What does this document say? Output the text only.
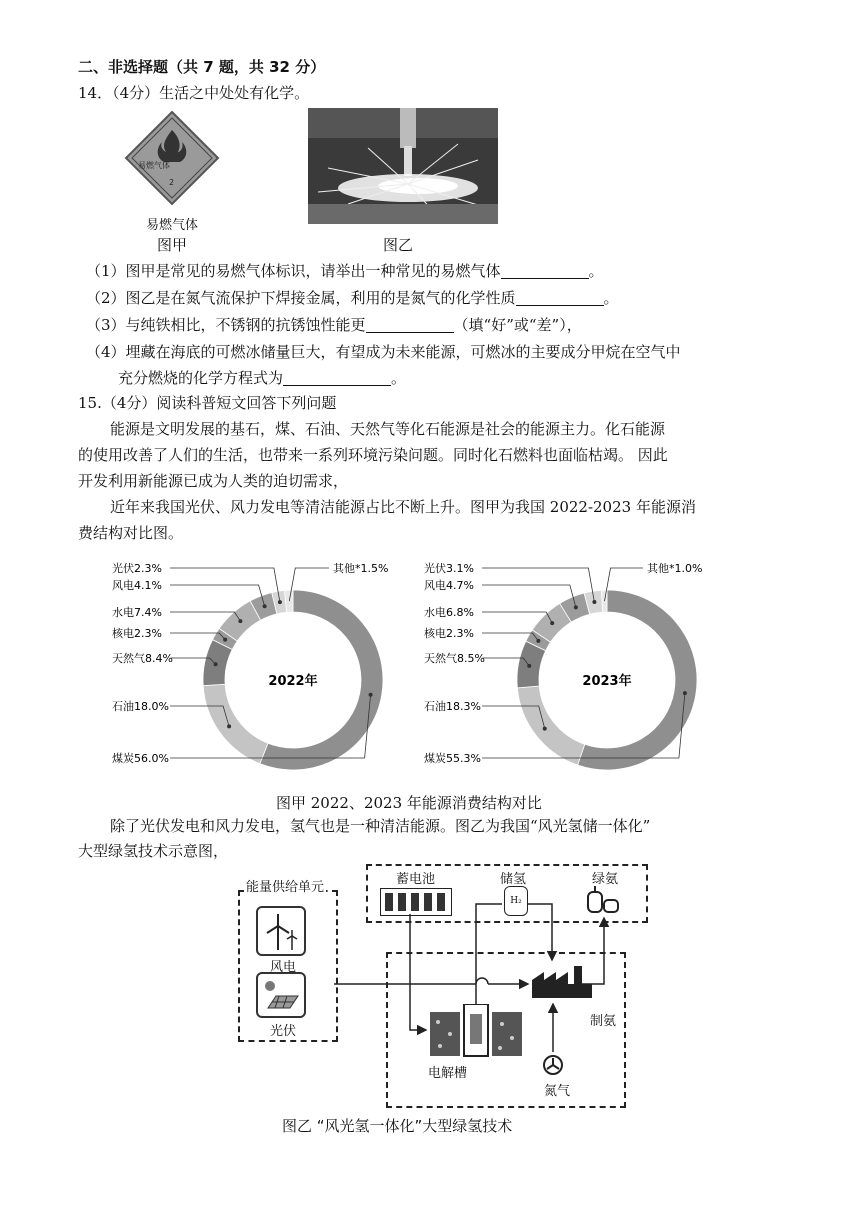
二、非选择题（共 7 题，共 32 分）
14．（4分）生活之中处处有化学。
易燃气体
2
易燃气体
图甲	图乙
（1）图甲是常见的易燃气体标识，请举出一种常见的易燃气体	。
（2）图乙是在氮气流保护下焊接金属，利用的是氮气的化学性质	。
（3）与纯铁相比，不锈钢的抗锈蚀性能更	（填“好”或“差”），
（4）埋藏在海底的可燃冰储量巨大，有望成为未来能源，可燃冰的主要成分甲烷在空气中
充分燃烧的化学方程式为	。
15.（4分）阅读科普短文回答下列问题
能源是文明发展的基石，煤、石油、天然气等化石能源是社会的能源主力。化石能源
的使用改善了人们的生活，也带来一系列环境污染问题。同时化石燃料也面临枯竭。 因此
开发利用新能源已成为人类的迫切需求，
近年来我国光伏、风力发电等清洁能源占比不断上升。图甲为我国 2022-2023 年能源消
费结构对比图。
2022年
煤炭56.0%
石油18.0%
天然气8.4%
核电2.3%
水电7.4%
风电4.1%
光伏2.3%	其他*1.5%
2023年
煤炭55.3%
石油18.3%
天然气8.5%
核电2.3%
水电6.8%
风电4.7%
光伏3.1%	其他*1.0%
图甲 2022、2023 年能源消费结构对比
除了光伏发电和风力发电，氢气也是一种清洁能源。图乙为我国“风光氢储一体化”
大型绿氢技术示意图，
能量供给单元
风电
光伏
蓄电池	储氢
H₂
绿氨
电解槽
制氨
氮气
图乙 “风光氢一体化”大型绿氢技术
